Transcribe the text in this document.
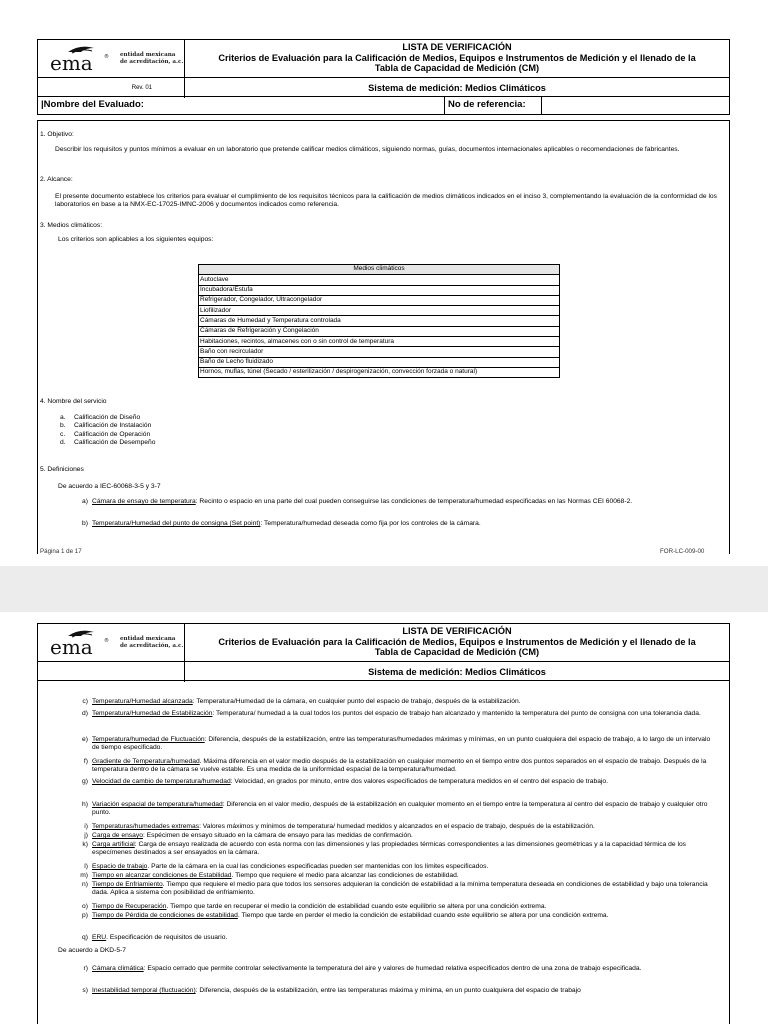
ema ® entidad mexicana
de acreditación, a.c.
Rev. 01
LISTA DE VERIFICACIÓN
Criterios de Evaluación para la Calificación de Medios, Equipos e Instrumentos de Medición y el llenado de la
Tabla de Capacidad de Medición (CM)
Sistema de medición: Medios Climáticos
|Nombre del Evaluado:	No de referencia:
1. Objetivo:
Describir los requisitos y puntos mínimos a evaluar en un laboratorio que pretende calificar medios climáticos, siguiendo normas, guías, documentos internacionales aplicables o recomendaciones de fabricantes.
2. Alcance:
El presente documento establece los criterios para evaluar el cumplimiento de los requisitos técnicos para la calificación de medios climáticos indicados en el inciso 3, complementando la evaluación de la conformidad de los laboratorios en base a la NMX-EC-17025-IMNC-2006 y documentos indicados como referencia.
3. Medios climáticos:
Los criterios son aplicables a los siguientes equipos:
Medios climáticos
Autoclave
Incubadora/Estufa
Refrigerador, Congelador, Ultracongelador
Liofilizador
Cámaras de Humedad y Temperatura controlada
Cámaras de Refrigeración y Congelación
Habitaciones, recintos, almacenes con o sin control de temperatura
Baño con recirculador
Baño de Lecho fluidizado
Hornos, muflas, túnel (Secado / esterilización / despirogenización, convección forzada o natural)
4. Nombre del servicio
a. Calificación de Diseño
b. Calificación de Instalación
c. Calificación de Operación
d. Calificación de Desempeño
5. Definiciones
De acuerdo a IEC-60068-3-5 y 3-7
a) Cámara de ensayo de temperatura: Recinto o espacio en una parte del cual pueden conseguirse las condiciones de temperatura/humedad especificadas en las Normas CEI 60068-2.
b) Temperatura/Humedad del punto de consigna (Set point): Temperatura/humedad deseada como fija por los controles de la cámara.
Página 1 de 17	FOR-LC-009-00
ema ® entidad mexicana
de acreditación, a.c.
LISTA DE VERIFICACIÓN
Criterios de Evaluación para la Calificación de Medios, Equipos e Instrumentos de Medición y el llenado de la
Tabla de Capacidad de Medición (CM)
Sistema de medición: Medios Climáticos
c) Temperatura/Humedad alcanzada: Temperatura/Humedad de la cámara, en cualquier punto del espacio de trabajo, después de la estabilización.
d) Temperatura/Humedad de Estabilización: Temperatura/ humedad a la cual todos los puntos del espacio de trabajo han alcanzado y mantenido la temperatura del punto de consigna con una tolerancia dada.
e) Temperatura/humedad de Fluctuación: Diferencia, después de la estabilización, entre las temperaturas/humedades máximas y mínimas, en un punto cualquiera del espacio de trabajo, a lo largo de un intervalo de tiempo especificado.
f) Gradiente de Temperatura/humedad. Máxima diferencia en el valor medio después de la estabilización en cualquier momento en el tiempo entre dos puntos separados en el espacio de trabajo. Después de la temperatura dentro de la cámara se vuelve estable. Es una medida de la uniformidad espacial de la temperatura/humedad.
g) Velocidad de cambio de temperatura/humedad: Velocidad, en grados por minuto, entre dos valores especificados de temperatura medidos en el centro del espacio de trabajo.
h) Variación espacial de temperatura/humedad: Diferencia en el valor medio, después de la estabilización en cualquier momento en el tiempo entre la temperatura al centro del espacio de trabajo y cualquier otro punto.
i) Temperaturas/humedades extremas: Valores máximos y mínimos de temperatura/ humedad medidos y alcanzados en el espacio de trabajo, después de la estabilización.
j) Carga de ensayo: Espécimen de ensayo situado en la cámara de ensayo para las medidas de confirmación.
k) Carga artificial: Carga de ensayo realizada de acuerdo con esta norma con las dimensiones y las propiedades térmicas correspondientes a las dimensiones geométricas y a la capacidad térmica de los especímenes destinados a ser ensayados en la cámara.
l) Espacio de trabajo. Parte de la cámara en la cual las condiciones especificadas pueden ser mantenidas con los límites especificados.
m) Tiempo en alcanzar condiciones de Estabilidad. Tiempo que requiere el medio para alcanzar las condiciones de estabilidad.
n) Tiempo de Enfriamiento. Tiempo que requiere el medio para que todos los sensores adquieran la condición de estabilidad a la mínima temperatura deseada en condiciones de estabilidad y bajo una tolerancia dada. Aplica a sistema con posibilidad de enfriamiento.
o) Tiempo de Recuperación. Tiempo que tarde en recuperar el medio la condición de estabilidad cuando este equilibrio se altera por una condición extrema.
p) Tiempo de Pérdida de condiciones de estabilidad. Tiempo que tarde en perder el medio la condición de estabilidad cuando este equilibrio se altera por una condición extrema.
q) ERU. Especificación de requisitos de usuario.
De acuerdo a DKD-5-7
r) Cámara climática: Espacio cerrado que permite controlar selectivamente la temperatura del aire y valores de humedad relativa especificados dentro de una zona de trabajo especificada.
s) Inestabilidad temporal (fluctuación): Diferencia, después de la estabilización, entre las temperaturas máxima y mínima, en un punto cualquiera del espacio de trabajo
